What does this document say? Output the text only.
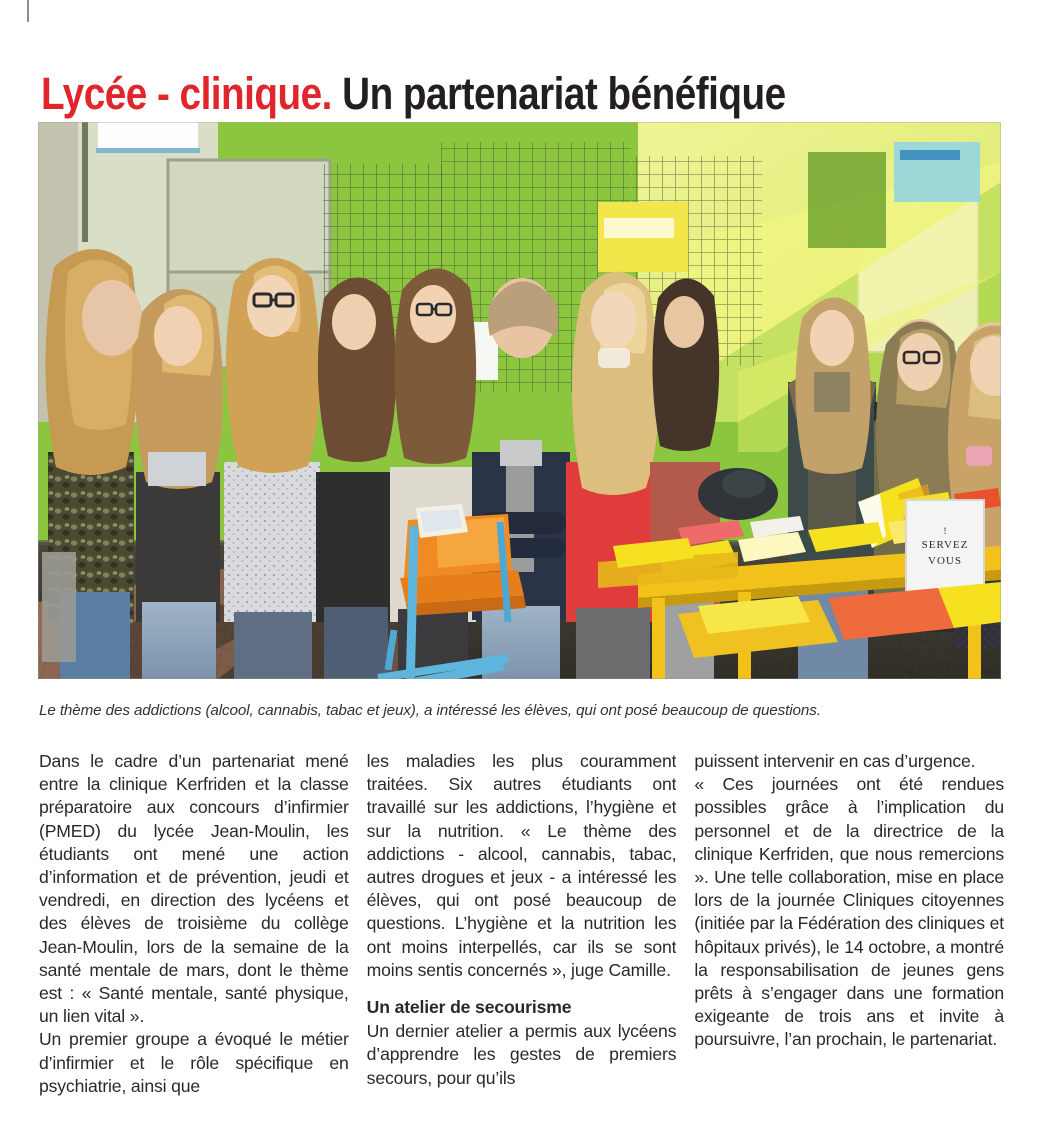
Lycée - clinique. Un partenariat bénéfique
!
SERVEZ
VOUS
Le thème des addictions (alcool, cannabis, tabac et jeux), a intéressé les élèves, qui ont posé beaucoup de questions.

Dans le cadre d’un partenariat mené entre la clinique Kerfriden et la classe préparatoire aux concours d’infirmier (PMED) du lycée Jean-Moulin, les étudiants ont mené une action d’information et de prévention, jeudi et vendredi, en direction des lycéens et des élèves de troisième du collège Jean-Moulin, lors de la semaine de la santé mentale de mars, dont le thème est : « Santé mentale, santé physique, un lien vital ».

Un premier groupe a évoqué le métier d’infirmier et le rôle spécifique en psychiatrie, ainsi que

les maladies les plus couramment traitées. Six autres étudiants ont travaillé sur les addictions, l’hygiène et sur la nutrition. « Le thème des addictions - alcool, cannabis, tabac, autres drogues et jeux - a intéressé les élèves, qui ont posé beaucoup de questions. L’hygiène et la nutrition les ont moins interpellés, car ils se sont moins sentis concernés », juge Camille.

Un atelier de secourisme

Un dernier atelier a permis aux lycéens d’apprendre les gestes de premiers secours, pour qu’ils

puissent intervenir en cas d’urgence.

« Ces journées ont été rendues possibles grâce à l’implication du personnel et de la directrice de la clinique Kerfriden, que nous remercions ». Une telle collaboration, mise en place lors de la journée Cliniques citoyennes (initiée par la Fédération des cliniques et hôpitaux privés), le 14 octobre, a montré la responsabilisation de jeunes gens prêts à s’engager dans une formation exigeante de trois ans et invite à poursuivre, l’an prochain, le partenariat.
